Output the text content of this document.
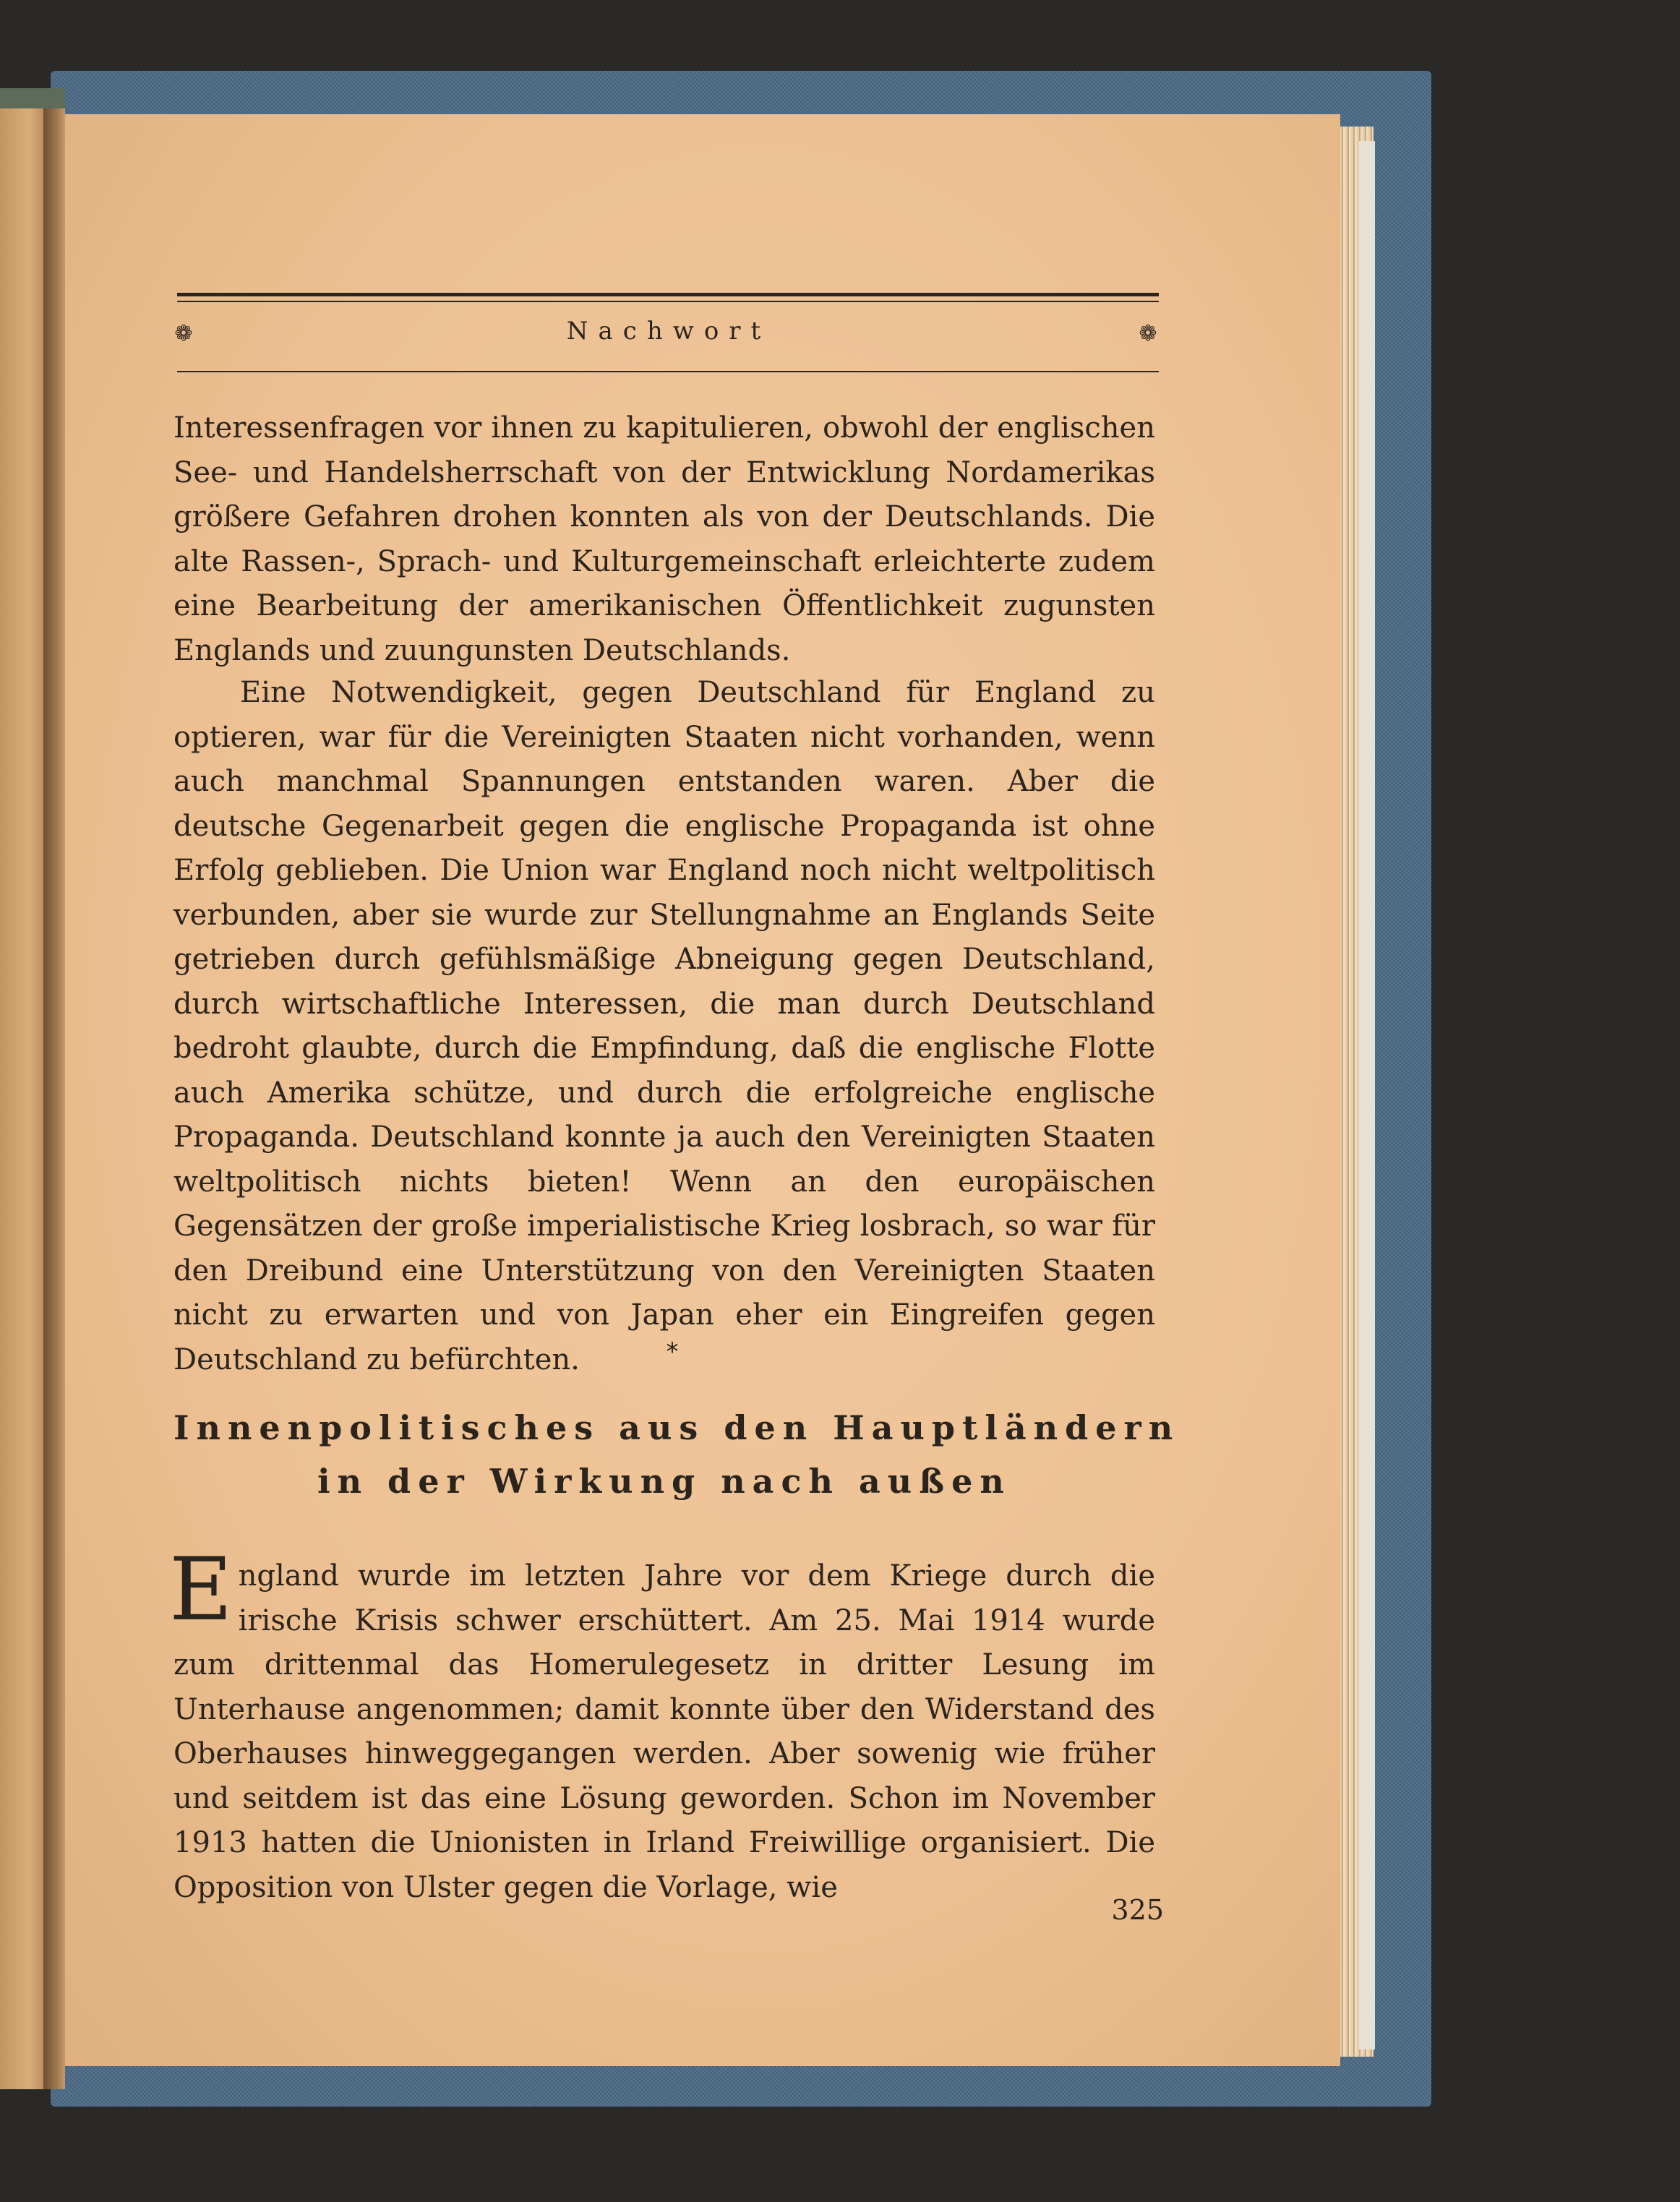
❁	Nachwort	❁

Interessenfragen vor ihnen zu kapitulieren, obwohl der englischen See- und Handelsherrschaft von der Entwicklung Nordamerikas größere Gefahren drohen konnten als von der Deutschlands. Die alte Rassen-, Sprach- und Kulturgemeinschaft erleichterte zudem eine Bearbeitung der amerikanischen Öffentlichkeit zugunsten Englands und zuungunsten Deutschlands.

Eine Notwendigkeit, gegen Deutschland für England zu optieren, war für die Vereinigten Staaten nicht vorhanden, wenn auch manchmal Spannungen entstanden waren. Aber die deutsche Gegenarbeit gegen die englische Propaganda ist ohne Erfolg geblieben. Die Union war England noch nicht weltpolitisch verbunden, aber sie wurde zur Stellungnahme an Englands Seite getrieben durch gefühlsmäßige Abneigung gegen Deutschland, durch wirtschaftliche Interessen, die man durch Deutschland bedroht glaubte, durch die Empfindung, daß die englische Flotte auch Amerika schütze, und durch die erfolgreiche englische Propaganda. Deutschland konnte ja auch den Vereinigten Staaten weltpolitisch nichts bieten! Wenn an den europäischen Gegensätzen der große imperialistische Krieg losbrach, so war für den Dreibund eine Unterstützung von den Vereinigten Staaten nicht zu erwarten und von Japan eher ein Eingreifen gegen Deutschland zu befürchten.	*
Innenpolitisches aus den Hauptländern
in der Wirkung nach außen

England wurde im letzten Jahre vor dem Kriege durch die irische Krisis schwer erschüttert. Am 25. Mai 1914 wurde zum drittenmal das Homerulegesetz in dritter Lesung im Unterhause angenommen; damit konnte über den Widerstand des Oberhauses hinweggegangen werden. Aber sowenig wie früher und seitdem ist das eine Lösung geworden. Schon im November 1913 hatten die Unionisten in Irland Freiwillige organisiert. Die Opposition von Ulster gegen die Vorlage, wie

325
